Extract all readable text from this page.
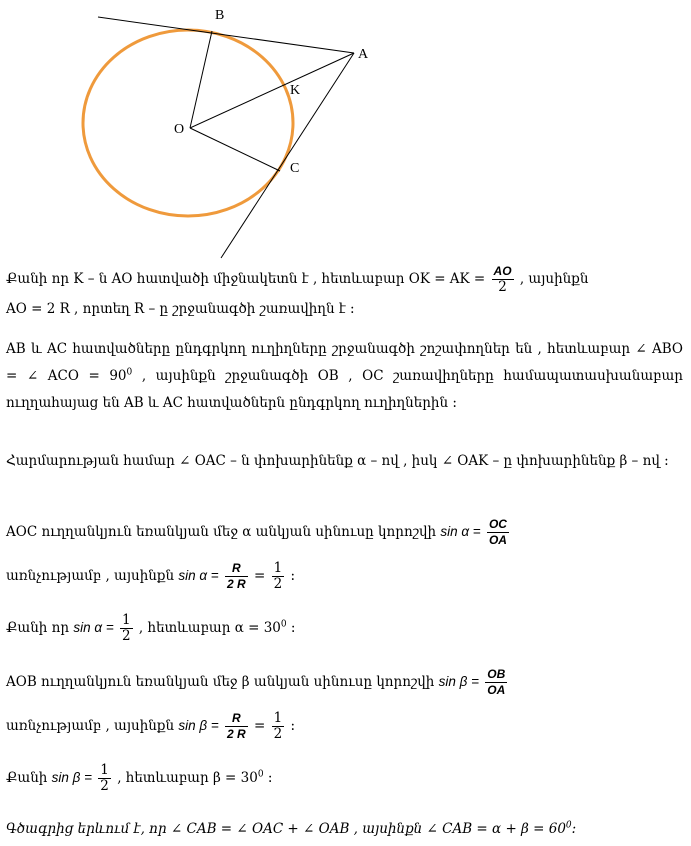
B
A
K
O
C
Քանի որ K – ն AO հատվածի միջնակետն է , հետևաբար OK = AK = $\frac{AO}{2}$ , այսինքն
AO = 2 R , որտեղ R – ը շրջանագծի շառավիղն է :
AB և AC հատվածները ընդգրկող ուղիղները շրջանագծի շոշափողներ են , հետևաբար ∠ ABO = ∠ ACO = $90^0$ , այսինքն շրջանագծի OB , OC շառավիղները համապատասխանաբար ուղղահայաց են AB և AC հատվածներն ընդգրկող ուղիղներին :
Հարմարության համար ∠ OAC – ն փոխարինենք α – ով , իսկ ∠ OAK – ը փոխարինենք β – ով :
AOC ուղղանկյուն եռանկյան մեջ α անկյան սինուսը կորոշվի $\sin \alpha = \frac{OC}{OA}$

առնչությամբ , այսինքն $\sin \alpha = \frac{R}{2 R} = \frac{1}{2}$ :
Քանի որ $\sin \alpha = \frac{1}{2}$ , հետևաբար $\alpha = 30^0$ :
AOB ուղղանկյուն եռանկյան մեջ β անկյան սինուսը կորոշվի $\sin \beta = \frac{OB}{OA}$

առնչությամբ , այսինքն $\sin \beta = \frac{R}{2 R} = \frac{1}{2}$ :
Քանի $\sin \beta = \frac{1}{2}$ , հետևաբար $\beta = 30^0$ :
Գծագրից երևում է, որ ∠ CAB = ∠ OAC + ∠ OAB , այսինքն ∠ CAB = $\alpha + \beta = 60^0$:
